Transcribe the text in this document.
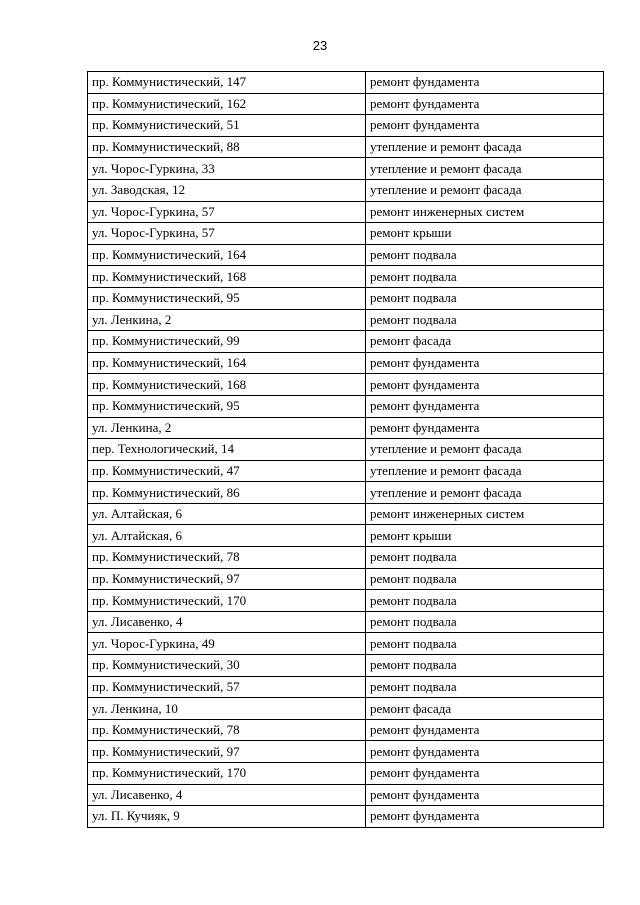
23
пр. Коммунистический, 147	ремонт фундамента
пр. Коммунистический, 162	ремонт фундамента
пр. Коммунистический, 51	ремонт фундамента
пр. Коммунистический, 88	утепление и ремонт фасада
ул. Чорос-Гуркина, 33	утепление и ремонт фасада
ул. Заводская, 12	утепление и ремонт фасада
ул. Чорос-Гуркина, 57	ремонт инженерных систем
ул. Чорос-Гуркина, 57	ремонт крыши
пр. Коммунистический, 164	ремонт подвала
пр. Коммунистический, 168	ремонт подвала
пр. Коммунистический, 95	ремонт подвала
ул. Ленкина, 2	ремонт подвала
пр. Коммунистический, 99	ремонт фасада
пр. Коммунистический, 164	ремонт фундамента
пр. Коммунистический, 168	ремонт фундамента
пр. Коммунистический, 95	ремонт фундамента
ул. Ленкина, 2	ремонт фундамента
пер. Технологический, 14	утепление и ремонт фасада
пр. Коммунистический, 47	утепление и ремонт фасада
пр. Коммунистический, 86	утепление и ремонт фасада
ул. Алтайская, 6	ремонт инженерных систем
ул. Алтайская, 6	ремонт крыши
пр. Коммунистический, 78	ремонт подвала
пр. Коммунистический, 97	ремонт подвала
пр. Коммунистический, 170	ремонт подвала
ул. Лисавенко, 4	ремонт подвала
ул. Чорос-Гуркина, 49	ремонт подвала
пр. Коммунистический, 30	ремонт подвала
пр. Коммунистический, 57	ремонт подвала
ул. Ленкина, 10	ремонт фасада
пр. Коммунистический, 78	ремонт фундамента
пр. Коммунистический, 97	ремонт фундамента
пр. Коммунистический, 170	ремонт фундамента
ул. Лисавенко, 4	ремонт фундамента
ул. П. Кучияк, 9	ремонт фундамента
